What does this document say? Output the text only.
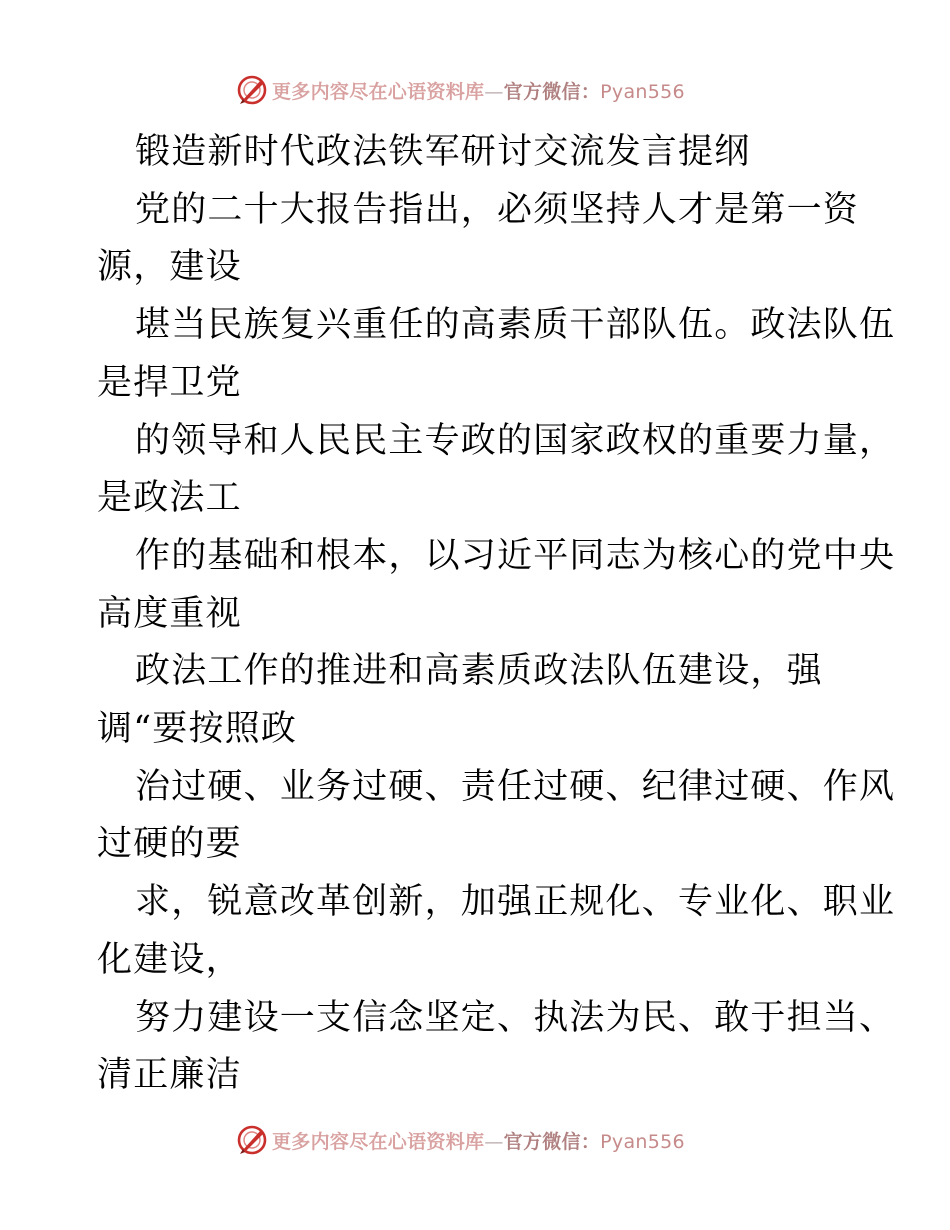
更多内容尽在心语资料库—官方微信：Pyan556
锻造新时代政法铁军研讨交流发言提纲
党的二十大报告指出，必须坚持人才是第一资
源，建设
堪当民族复兴重任的高素质干部队伍。政法队伍
是捍卫党
的领导和人民民主专政的国家政权的重要力量，
是政法工
作的基础和根本，以习近平同志为核心的党中央
高度重视
政法工作的推进和高素质政法队伍建设，强
调“要按照政
治过硬、业务过硬、责任过硬、纪律过硬、作风
过硬的要
求，锐意改革创新，加强正规化、专业化、职业
化建设，
努力建设一支信念坚定、执法为民、敢于担当、
清正廉洁
更多内容尽在心语资料库—官方微信：Pyan556
